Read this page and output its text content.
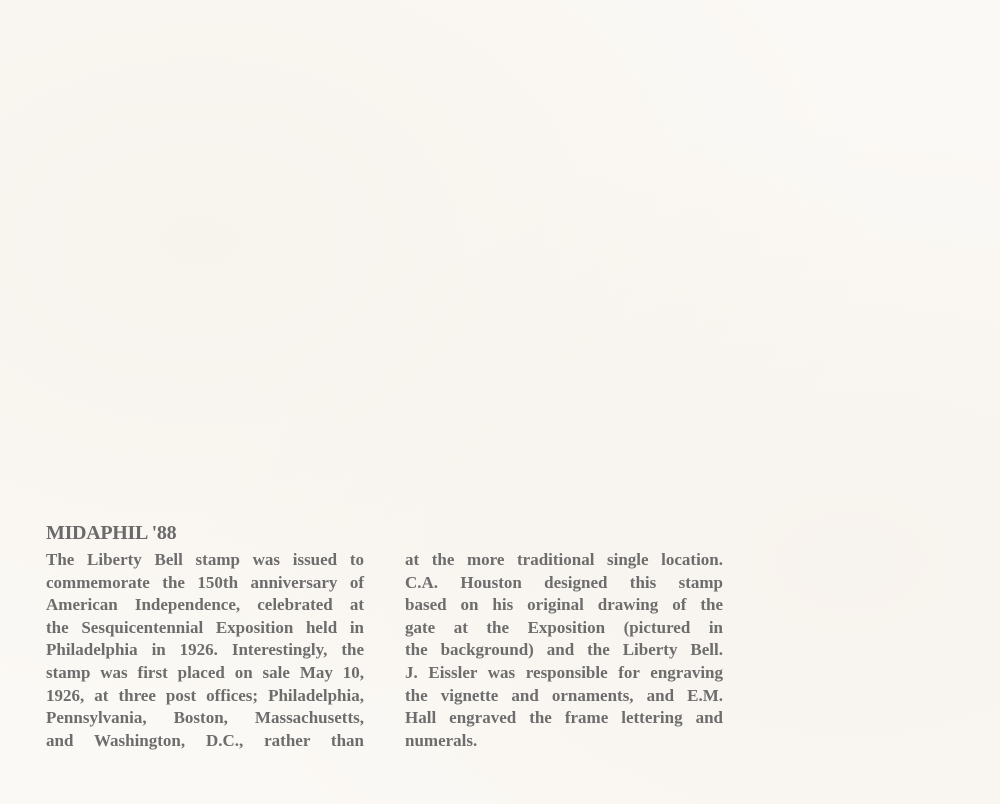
MIDAPHIL '88
The Liberty Bell stamp was issued to
commemorate the 150th anniversary of
American Independence, celebrated at
the Sesquicentennial Exposition held in
Philadelphia in 1926. Interestingly, the
stamp was first placed on sale May 10,
1926, at three post offices; Philadelphia,
Pennsylvania, Boston, Massachusetts,
and Washington, D.C., rather than
at the more traditional single location.
C.A. Houston designed this stamp
based on his original drawing of the
gate at the Exposition (pictured in
the background) and the Liberty Bell.
J. Eissler was responsible for engraving
the vignette and ornaments, and E.M.
Hall engraved the frame lettering and
numerals.
